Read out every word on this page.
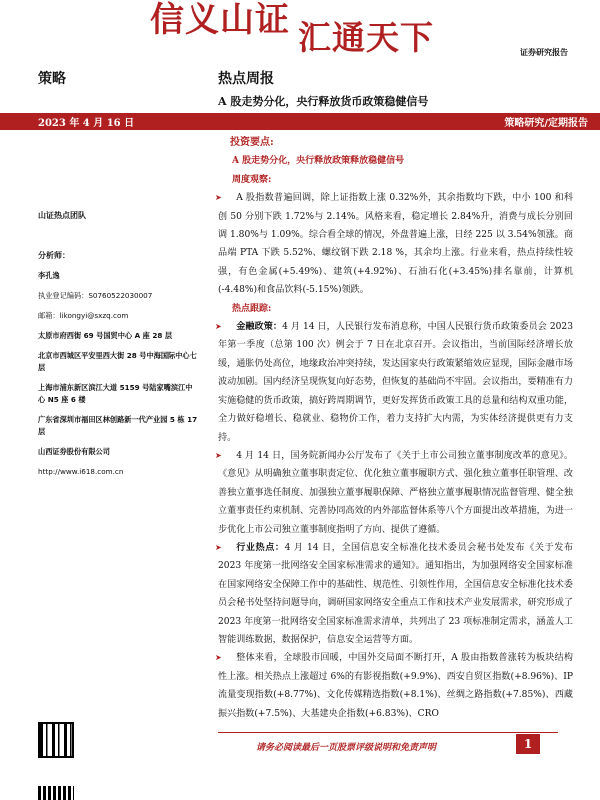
信义山证 汇通天下	证券研究报告
策略	热点周报
A 股走势分化，央行释放货币政策稳健信号
2023 年 4 月 16 日	策略研究/定期报告
投资要点:
A 股走势分化，央行释放政策释放稳健信号
周度观察:

➤ A 股指数普遍回调，除上证指数上涨 0.32%外，其余指数均下跌，中小 100 和科创 50 分别下跌 1.72%与 2.14%。风格来看，稳定增长 2.84%升，消费与成长分别回调 1.80%与 1.09%。综合看全球的情况，外盘普遍上涨，日经 225 以 3.54%领涨。商品端 PTA 下跌 5.52%、螺纹钢下跌 2.18 %，其余均上涨。行业来看，热点持续性较强，有色金属(+5.49%)、建筑(+4.92%)、石油石化(+3.45%)排名靠前，计算机(-4.48%)和食品饮料(-5.15%)领跌。

热点跟踪:

➤ 金融政策：4 月 14 日，人民银行发布消息称，中国人民银行货币政策委员会 2023 年第一季度（总第 100 次）例会于 7 日在北京召开。会议指出，当前国际经济增长放缓，通胀仍处高位，地缘政治冲突持续，发达国家央行政策紧缩效应显现，国际金融市场波动加剧。国内经济呈现恢复向好态势，但恢复的基础尚不牢固。会议指出，要精准有力实施稳健的货币政策，搞好跨周期调节，更好发挥货币政策工具的总量和结构双重功能，全力做好稳增长、稳就业、稳物价工作，着力支持扩大内需，为实体经济提供更有力支持。

➤ 4 月 14 日，国务院新闻办公厅发布了《关于上市公司独立董事制度改革的意见》。《意见》从明确独立董事职责定位、优化独立董事履职方式、强化独立董事任职管理、改善独立董事选任制度、加强独立董事履职保障、严格独立董事履职情况监督管理、健全独立董事责任约束机制、完善协同高效的内外部监督体系等八个方面提出改革措施，为进一步优化上市公司独立董事制度指明了方向、提供了遵循。

➤ 行业热点：4 月 14 日，全国信息安全标准化技术委员会秘书处发布《关于发布 2023 年度第一批网络安全国家标准需求的通知》。通知指出，为加强网络安全国家标准在国家网络安全保障工作中的基础性、规范性、引领性作用，全国信息安全标准化技术委员会秘书处坚持问题导向，调研国家网络安全重点工作和技术产业发展需求，研究形成了 2023 年度第一批网络安全国家标准需求清单，共列出了 23 项标准制定需求，涵盖人工智能训练数据，数据保护，信息安全运营等方面。

➤ 整体来看，全球股市回暖，中国外交局面不断打开，A 股由指数普涨转为板块结构性上涨。相关热点上涨超过 6%的有影视指数(+9.9%)、西安自贸区指数(+8.96%)、IP 流量变现指数(+8.77%)、文化传媒精选指数(+8.1%)、丝绸之路指数(+7.85%)、西藏振兴指数(+7.5%)、大基建央企指数(+6.83%)、CRO

山证热点团队
分析师：
李孔逸
执业登记编码：S0760522030007
邮箱：likongyi@sxzq.com
太原市府西街 69 号国贸中心 A 座 28 层
北京市西城区平安里西大街 28 号中海国际中心七层
上海市浦东新区滨江大道 5159 号陆家嘴滨江中心 N5 座 6 楼
广东省深圳市福田区林创路新一代产业园 5 栋 17 层
山西证券股份有限公司
http://www.i618.com.cn
请务必阅读最后一页股票评级说明和免责声明	1
